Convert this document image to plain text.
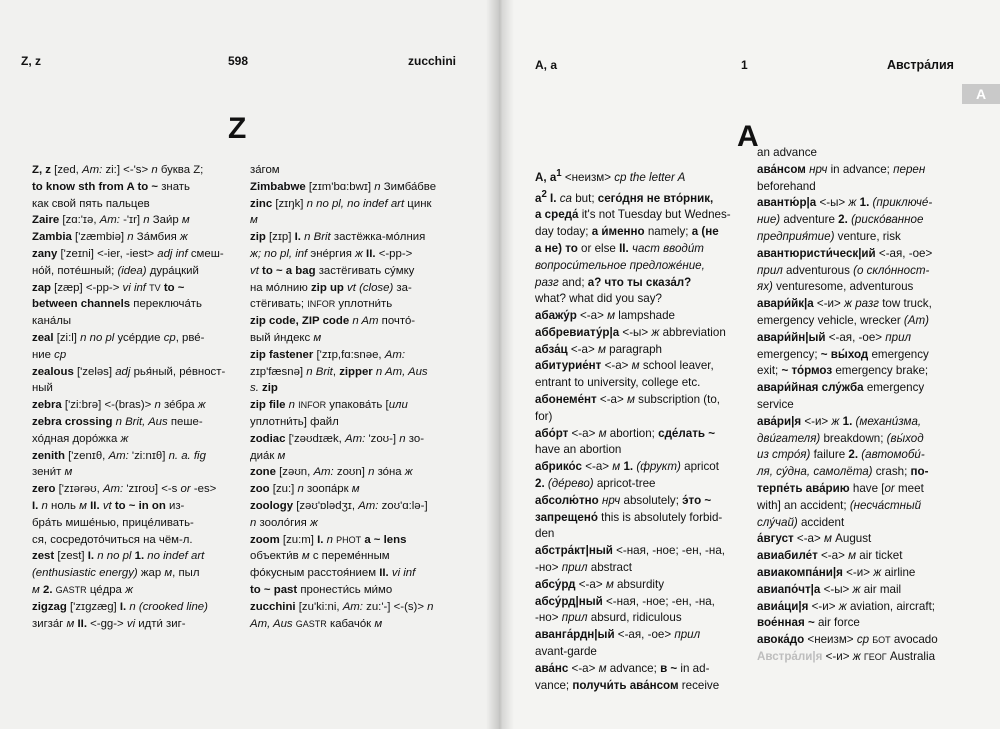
Z, z	598	zucchini
Z

Z, z [zed, Am: zi:] <-'s> n буква Z;

to know sth from A to ~ знать

как свой пять пальцев

Zaire [zɑ:'ɪə, Am: -'ɪr] n Заи́р м

Zambia ['zæmbiə] n За́мбия ж

zany ['zeɪni] <-ier, -iest> adj inf смеш-

но́й, потéшный; (idea) дура́цкий

zap [zæp] <-pp-> vi inf TV to ~

between channels переключа́ть

кана́лы

zeal [zi:l] n no pl усе́рдие ср, рве́-

ние ср

zealous ['zeləs] adj рья́ный, ре́вност-

ный

zebra ['zi:brə] <-(bras)> n зе́бра ж

zebra crossing n Brit, Aus пеше-

хо́дная доро́жка ж

zenith ['zenɪθ, Am: 'zi:nɪθ] n. a. fig

зени́т м

zero ['zɪərəʊ, Am: 'zɪroʊ] <-s or -es>

I. n ноль м II. vt to ~ in on из-

бра́ть мише́нью, прице́ливать-

ся, сосредото́читься на чём-л.

zest [zest] I. n no pl 1. no indef art

(enthusiastic energy) жар м, пыл

м 2. GASTR це́дра ж

zigzag ['zɪgzæg] I. n (crooked line)

зигза́г м II. <-gg-> vi идти́ зиг-

за́гом

Zimbabwe [zɪm'bɑ:bwɪ] n Зимба́бве

zinc [zɪŋk] n no pl, no indef art цинк

м

zip [zɪp] I. n Brit застёжка-мо́лния

ж; no pl, inf эне́ргия ж II. <-pp->

vt to ~ a bag застёгивать су́мку

на мо́лнию zip up vt (close) за-

стёгивать; INFOR уплотни́ть

zip code, ZIP code n Am почто́-

вый и́ндекс м

zip fastener ['zɪp,fɑ:snəe, Am:

zɪp'fæsnə] n Brit, zipper n Am, Aus

s. zip

zip file n INFOR упакова́ть [или

уплотни́ть] файл

zodiac ['zəʊdɪæk, Am: 'zoʊ-] n зо-

диа́к м

zone [zəʊn, Am: zoʊn] n зо́на ж

zoo [zu:] n зоопа́рк м

zoology [zəʊ'ɒlədʒɪ, Am: zoʊ'ɑ:lə-]

n зооло́гия ж

zoom [zu:m] I. n PHOT a ~ lens

объекти́в м с переме́нным

фо́кусным расстоя́нием II. vi inf

to ~ past пронести́сь ми́мо

zucchini [zu'ki:ni, Am: zu:'-] <-(s)> n

Am, Aus GASTR кабачо́к м

А, а	1	Австра́лия
А
А

А, $а^1$ <неизм> ср the letter A

$а^2$ I. са but; сего́дня не вто́рник,

а среда́ it's not Tuesday but Wednes-

day today; а и́менно namely; а (не

а не) то or else II. част вводи́т

вопроси́тельное предложе́ние,

разг and; а? что ты сказа́л?

what? what did you say?

абажу́р <-а> м lampshade

аббревиату́р|а <-ы> ж abbreviation

абза́ц <-а> м paragraph

абитурие́нт <-а> м school leaver,

entrant to university, college etc.

абонеме́нт <-а> м subscription (to,

for)

або́рт <-а> м abortion; сде́лать ~

have an abortion

абрико́с <-а> м 1. (фрукт) apricot

2. (де́рево) apricot-tree

абсолю́тно нрч absolutely; э́то ~

запрещено́ this is absolutely forbid-

den

абстра́кт|ный <-ная, -ное; -ен, -на,

-но> прил abstract

абсу́рд <-а> м absurdity

абсу́рд|ный <-ная, -ное; -ен, -на,

-но> прил absurd, ridiculous

аванга́рдн|ый <-ая, -ое> прил

avant-garde

ава́нс <-а> м advance; в ~ in ad-

vance; получи́ть ава́нсом receive

an advance

ава́нсом нрч in advance; перен

beforehand

авантю́р|а <-ы> ж 1. (приключе́-

ние) adventure 2. (риско́ванное

предприя́тие) venture, risk

авантюристи́ческ|ий <-ая, -ое>

прил adventurous (о скло́нност-

ях) venturesome, adventurous

авари́йк|а <-и> ж разг tow truck,

emergency vehicle, wrecker (Am)

авари́йн|ый <-ая, -ое> прил

emergency; ~ вы́ход emergency

exit; ~ то́рмоз emergency brake;

авари́йная слу́жба emergency

service

ава́ри|я <-и> ж 1. (механи́зма,

дви́гателя) breakdown; (вы́ход

из стро́я) failure 2. (автомоби́-

ля, су́дна, самолёта) crash; по-

терпе́ть ава́рию have [or meet

with] an accident; (несча́стный

слу́чай) accident

а́вгуст <-а> м August

авиабиле́т <-а> м air ticket

авиакомпа́ни|я <-и> ж airline

авиапо́чт|а <-ы> ж air mail

авиа́ци|я <-и> ж aviation, aircraft;

вое́нная ~ air force

авока́до <неизм> ср БОТ avocado

Австра́ли|я <-и> ж ГЕОГ Australia
